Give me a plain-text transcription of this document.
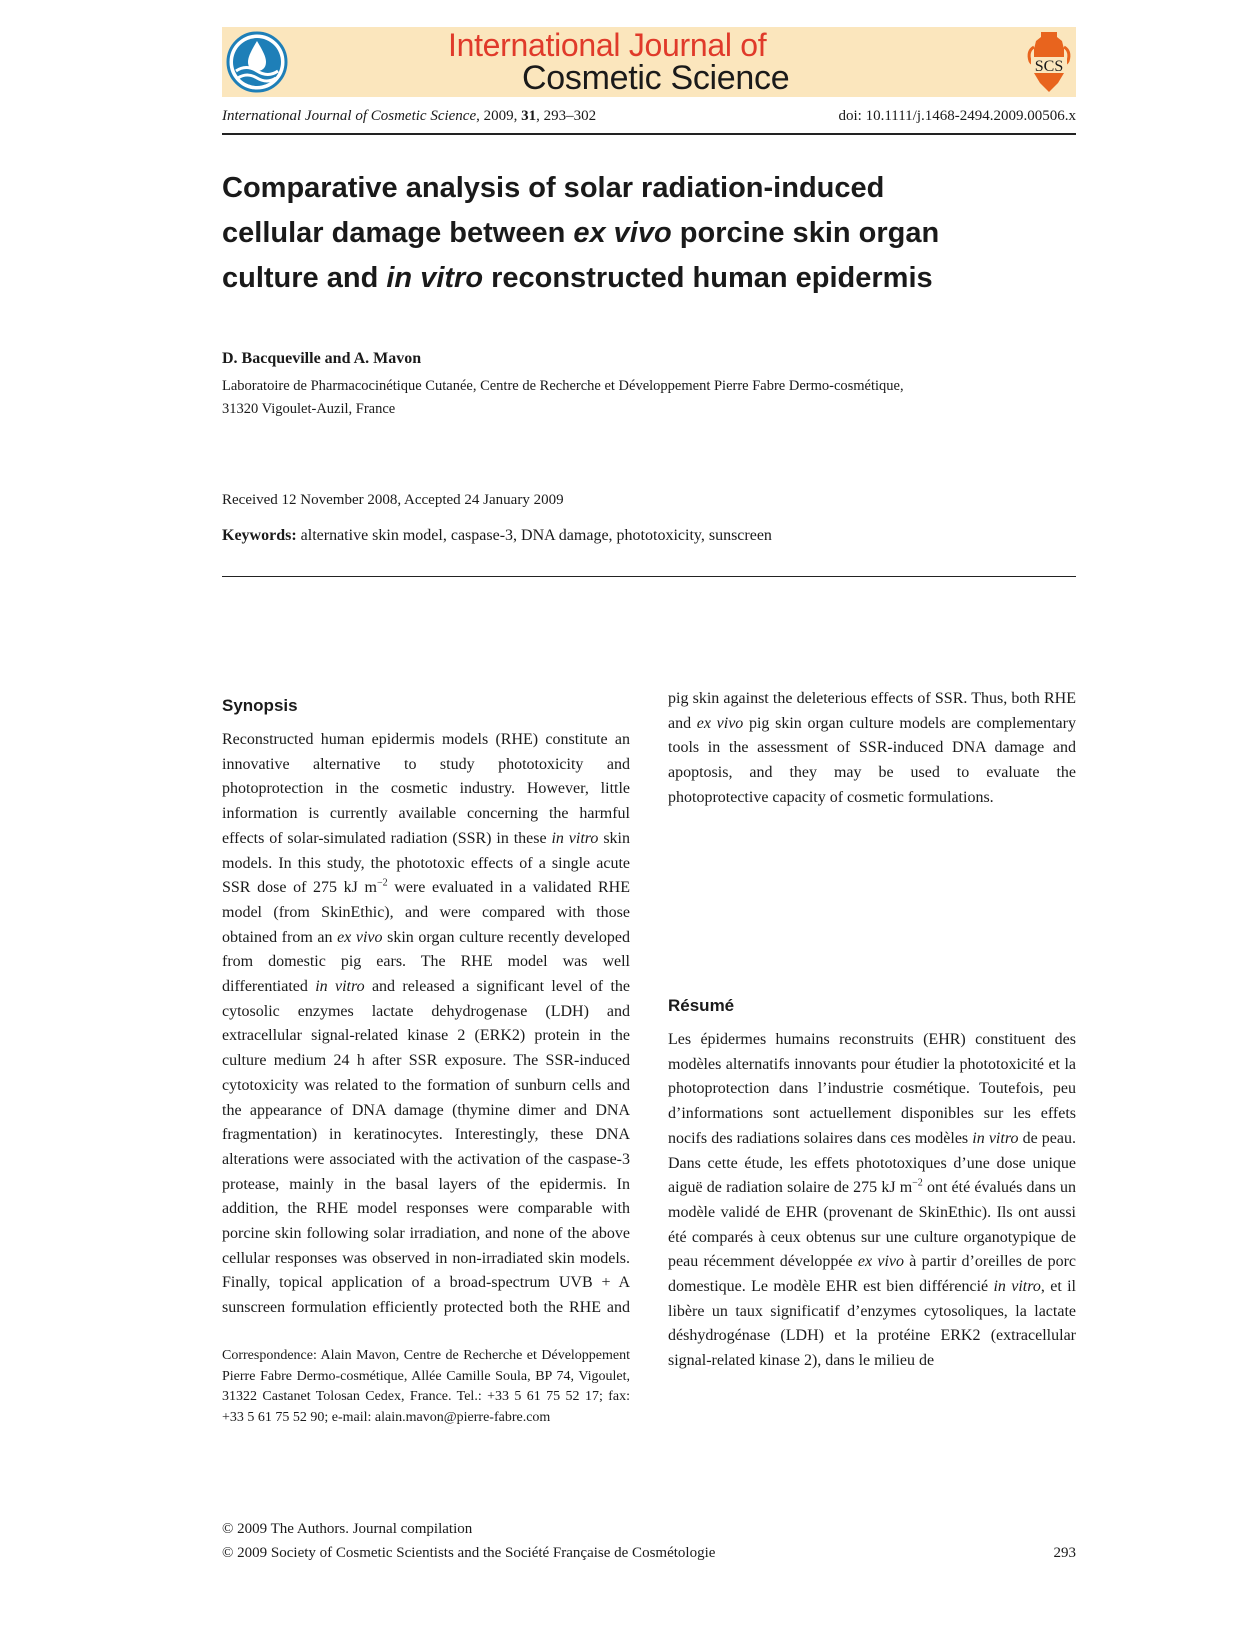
International Journal of
Cosmetic Science	SCS
International Journal of Cosmetic Science, 2009, 31, 293–302	doi: 10.1111/j.1468-2494.2009.00506.x
Comparative analysis of solar radiation-induced
cellular damage between ex vivo porcine skin organ
culture and in vitro reconstructed human epidermis
D. Bacqueville and A. Mavon
Laboratoire de Pharmacocinétique Cutanée, Centre de Recherche et Développement Pierre Fabre Dermo-cosmétique,
31320 Vigoulet-Auzil, France
Received 12 November 2008, Accepted 24 January 2009
Keywords: alternative skin model, caspase-3, DNA damage, phototoxicity, sunscreen
Synopsis

Reconstructed human epidermis models (RHE) constitute an innovative alternative to study phototoxicity and photoprotection in the cosmetic industry. However, little information is currently available concerning the harmful effects of solar-simulated radiation (SSR) in these in vitro skin models. In this study, the phototoxic effects of a single acute SSR dose of 275 kJ $m^{-2}$ were evaluated in a validated RHE model (from SkinEthic), and were compared with those obtained from an ex vivo skin organ culture recently developed from domestic pig ears. The RHE model was well differentiated in vitro and released a significant level of the cytosolic enzymes lactate dehydrogenase (LDH) and extracellular signal-related kinase 2 (ERK2) protein in the culture medium 24 h after SSR exposure. The SSR-induced cytotoxicity was related to the formation of sunburn cells and the appearance of DNA damage (thymine dimer and DNA fragmentation) in keratinocytes. Interestingly, these DNA alterations were associated with the activation of the caspase-3 protease, mainly in the basal layers of the epidermis. In addition, the RHE model responses were comparable with porcine skin following solar irradiation, and none of the above cellular responses was observed in non-irradiated skin models. Finally, topical application of a broad-spectrum UVB + A sunscreen formulation efficiently protected both the RHE and

Correspondence: Alain Mavon, Centre de Recherche et Développement Pierre Fabre Dermo-cosmétique, Allée Camille Soula, BP 74, Vigoulet, 31322 Castanet Tolosan Cedex, France. Tel.: +33 5 61 75 52 17; fax: +33 5 61 75 52 90; e-mail: alain.mavon@pierre-fabre.com

pig skin against the deleterious effects of SSR. Thus, both RHE and ex vivo pig skin organ culture models are complementary tools in the assessment of SSR-induced DNA damage and apoptosis, and they may be used to evaluate the photoprotective capacity of cosmetic formulations.

Résumé

Les épidermes humains reconstruits (EHR) constituent des modèles alternatifs innovants pour étudier la phototoxicité et la photoprotection dans l’industrie cosmétique. Toutefois, peu d’informations sont actuellement disponibles sur les effets nocifs des radiations solaires dans ces modèles in vitro de peau. Dans cette étude, les effets phototoxiques d’une dose unique aiguë de radiation solaire de 275 kJ $m^{-2}$ ont été évalués dans un modèle validé de EHR (provenant de SkinEthic). Ils ont aussi été comparés à ceux obtenus sur une culture organotypique de peau récemment développée ex vivo à partir d’oreilles de porc domestique. Le modèle EHR est bien différencié in vitro, et il libère un taux significatif d’enzymes cytosoliques, la lactate déshydrogénase (LDH) et la protéine ERK2 (extracellular signal-related kinase 2), dans le milieu de

© 2009 The Authors. Journal compilation
© 2009 Society of Cosmetic Scientists and the Société Française de Cosmétologie	293
